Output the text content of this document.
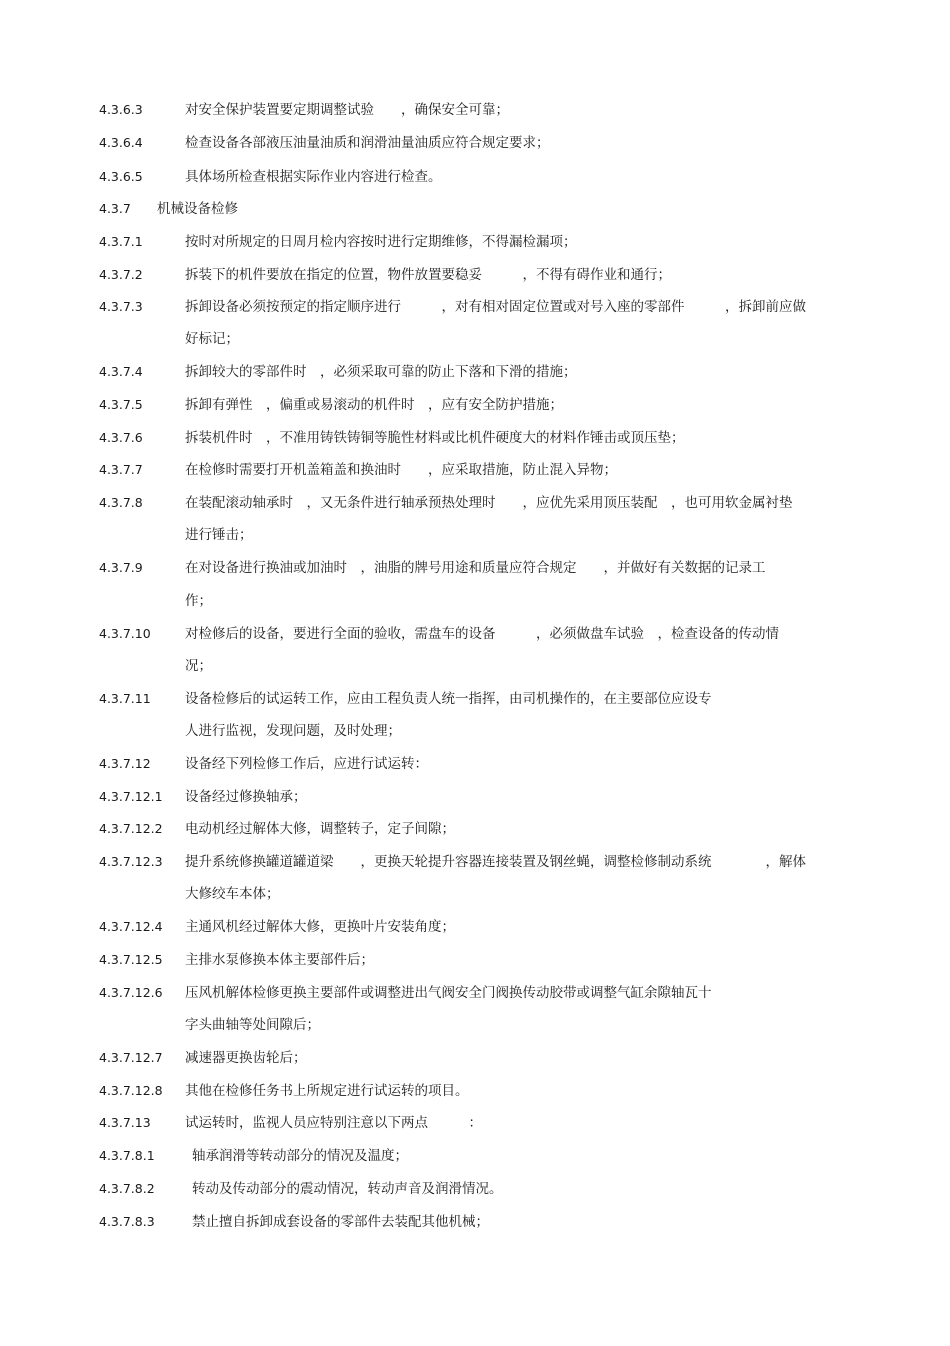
4.3.6.3	对安全保护装置要定期调整试验　　，确保安全可靠；
4.3.6.4	检查设备各部液压油量油质和润滑油量油质应符合规定要求；
4.3.6.5	具体场所检查根据实际作业内容进行检查。
4.3.7 机械设备检修
4.3.7.1	按时对所规定的日周月检内容按时进行定期维修，不得漏检漏项；
4.3.7.2	拆装下的机件要放在指定的位置，物件放置要稳妥　　　，不得有碍作业和通行；
4.3.7.3	拆卸设备必须按预定的指定顺序进行　　　，对有相对固定位置或对号入座的零部件　　　，拆卸前应做
好标记；
4.3.7.4	拆卸较大的零部件时　，必须采取可靠的防止下落和下滑的措施；
4.3.7.5	拆卸有弹性　，偏重或易滚动的机件时　，应有安全防护措施；
4.3.7.6	拆装机件时　，不准用铸铁铸铜等脆性材料或比机件硬度大的材料作锤击或顶压垫；
4.3.7.7	在检修时需要打开机盖箱盖和换油时　　，应采取措施，防止混入异物；
4.3.7.8	在装配滚动轴承时　，又无条件进行轴承预热处理时　　，应优先采用顶压装配　，也可用软金属衬垫
进行锤击；
4.3.7.9	在对设备进行换油或加油时　，油脂的牌号用途和质量应符合规定　　，并做好有关数据的记录工
作；
4.3.7.10	对检修后的设备，要进行全面的验收，需盘车的设备　　　，必须做盘车试验　，检查设备的传动情
况；
4.3.7.11	设备检修后的试运转工作，应由工程负责人统一指挥，由司机操作的，在主要部位应设专
人进行监视，发现问题，及时处理；
4.3.7.12	设备经下列检修工作后，应进行试运转：
4.3.7.12.1 设备经过修换轴承；
4.3.7.12.2 电动机经过解体大修，调整转子，定子间隙；
4.3.7.12.3 提升系统修换罐道罐道梁　　，更换天轮提升容器连接装置及钢丝蝇，调整检修制动系统　　　　，解体
大修绞车本体；
4.3.7.12.4 主通风机经过解体大修，更换叶片安装角度；
4.3.7.12.5 主排水泵修换本体主要部件后；
4.3.7.12.6 压风机解体检修更换主要部件或调整进出气阀安全门阀换传动胶带或调整气缸余隙轴瓦十
字头曲轴等处间隙后；
4.3.7.12.7 减速器更换齿轮后；
4.3.7.12.8 其他在检修任务书上所规定进行试运转的项目。
4.3.7.13	试运转时，监视人员应特别注意以下两点　　　：
4.3.7.8.1	轴承润滑等转动部分的情况及温度；
4.3.7.8.2	转动及传动部分的震动情况，转动声音及润滑情况。
4.3.7.8.3	禁止擅自拆卸成套设备的零部件去装配其他机械；
